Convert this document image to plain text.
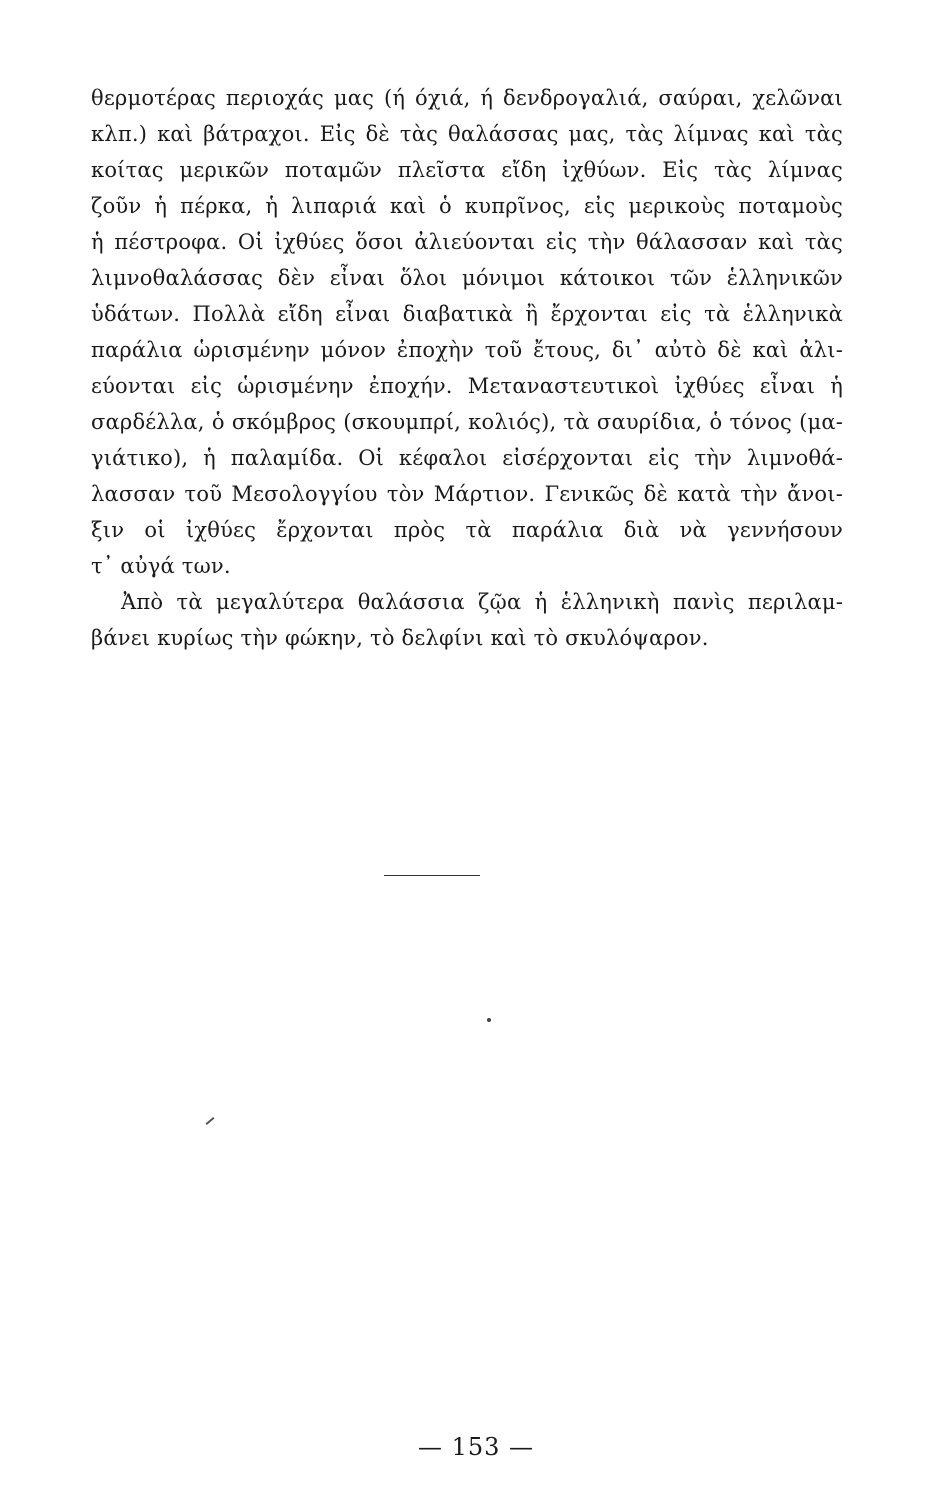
θερμοτέρας περιοχάς μας (ή όχιά, ή δενδρογαλιά, σαύραι, χελῶναι
κλπ.) καὶ βάτραχοι. Εἰς δὲ τὰς θαλάσσας μας, τὰς λίμνας καὶ τὰς
κοίτας μερικῶν ποταμῶν πλεῖστα εἴδη ἰχθύων. Εἰς τὰς λίμνας
ζοῦν ἡ πέρκα, ἡ λιπαριά καὶ ὁ κυπρῖνος, εἰς μερικοὺς ποταμοὺς
ἡ πέστροφα. Οἱ ἰχθύες ὅσοι ἀλιεύονται εἰς τὴν θάλασσαν καὶ τὰς
λιμνοθαλάσσας δὲν εἶναι ὅλοι μόνιμοι κάτοικοι τῶν ἑλληνικῶν
ὑδάτων. Πολλὰ εἴδη εἶναι διαβατικὰ ἢ ἔρχονται εἰς τὰ ἑλληνικὰ
παράλια ὡρισμένην μόνον ἐποχὴν τοῦ ἔτους, δι᾽ αὐτὸ δὲ καὶ ἀλι-
εύονται εἰς ὡρισμένην ἐποχήν. Μεταναστευτικοὶ ἰχθύες εἶναι ἡ
σαρδέλλα, ὁ σκόμβρος (σκουμπρί, κολιός), τὰ σαυρίδια, ὁ τόνος (μα-
γιάτικο), ἡ παλαμίδα. Οἱ κέφαλοι εἰσέρχονται εἰς τὴν λιμνοθά-
λασσαν τοῦ Μεσολογγίου τὸν Μάρτιον. Γενικῶς δὲ κατὰ τὴν ἄνοι-
ξιν οἱ ἰχθύες ἔρχονται πρὸς τὰ παράλια διὰ νὰ γεννήσουν
τ᾽ αὐγά των.
Ἀπὸ τὰ μεγαλύτερα θαλάσσια ζῷα ἡ ἑλληνικὴ πανὶς περιλαμ-
βάνει κυρίως τὴν φώκην, τὸ δελφίνι καὶ τὸ σκυλόψαρον.
— 153 —
